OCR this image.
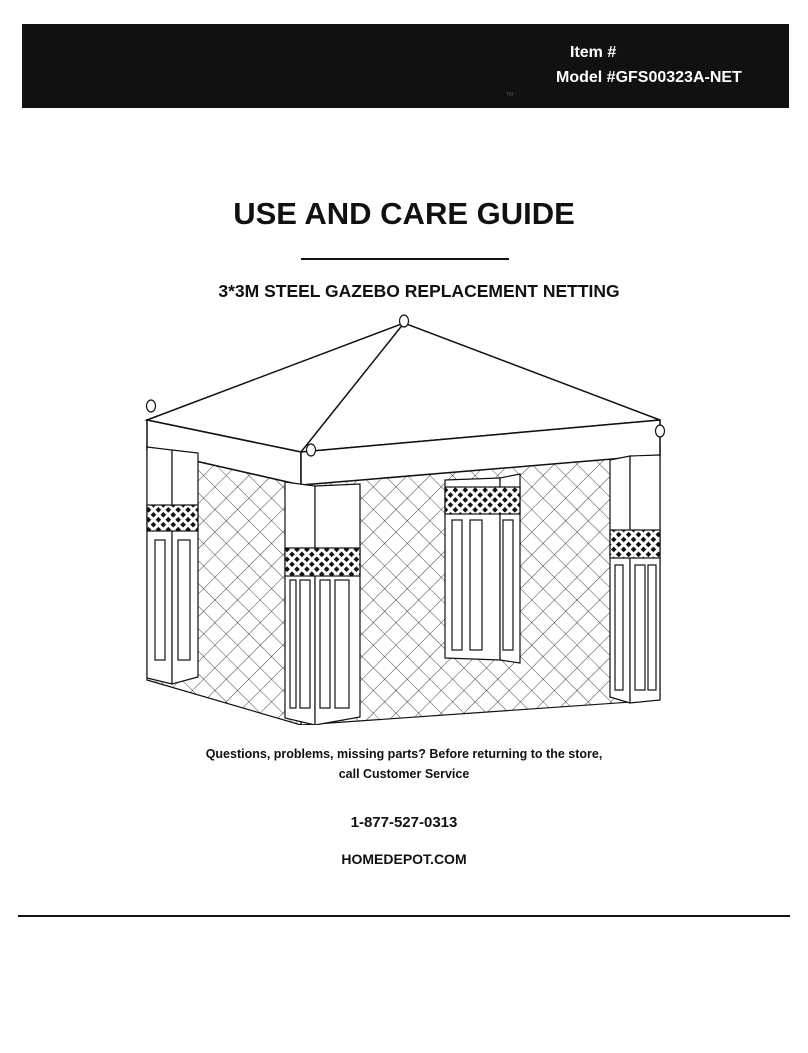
Item #
Model #GFS00323A-NET
TM
USE AND CARE GUIDE
3*3M STEEL GAZEBO REPLACEMENT NETTING
Questions, problems, missing parts? Before returning to the store,
call Customer Service
1-877-527-0313
HOMEDEPOT.COM
